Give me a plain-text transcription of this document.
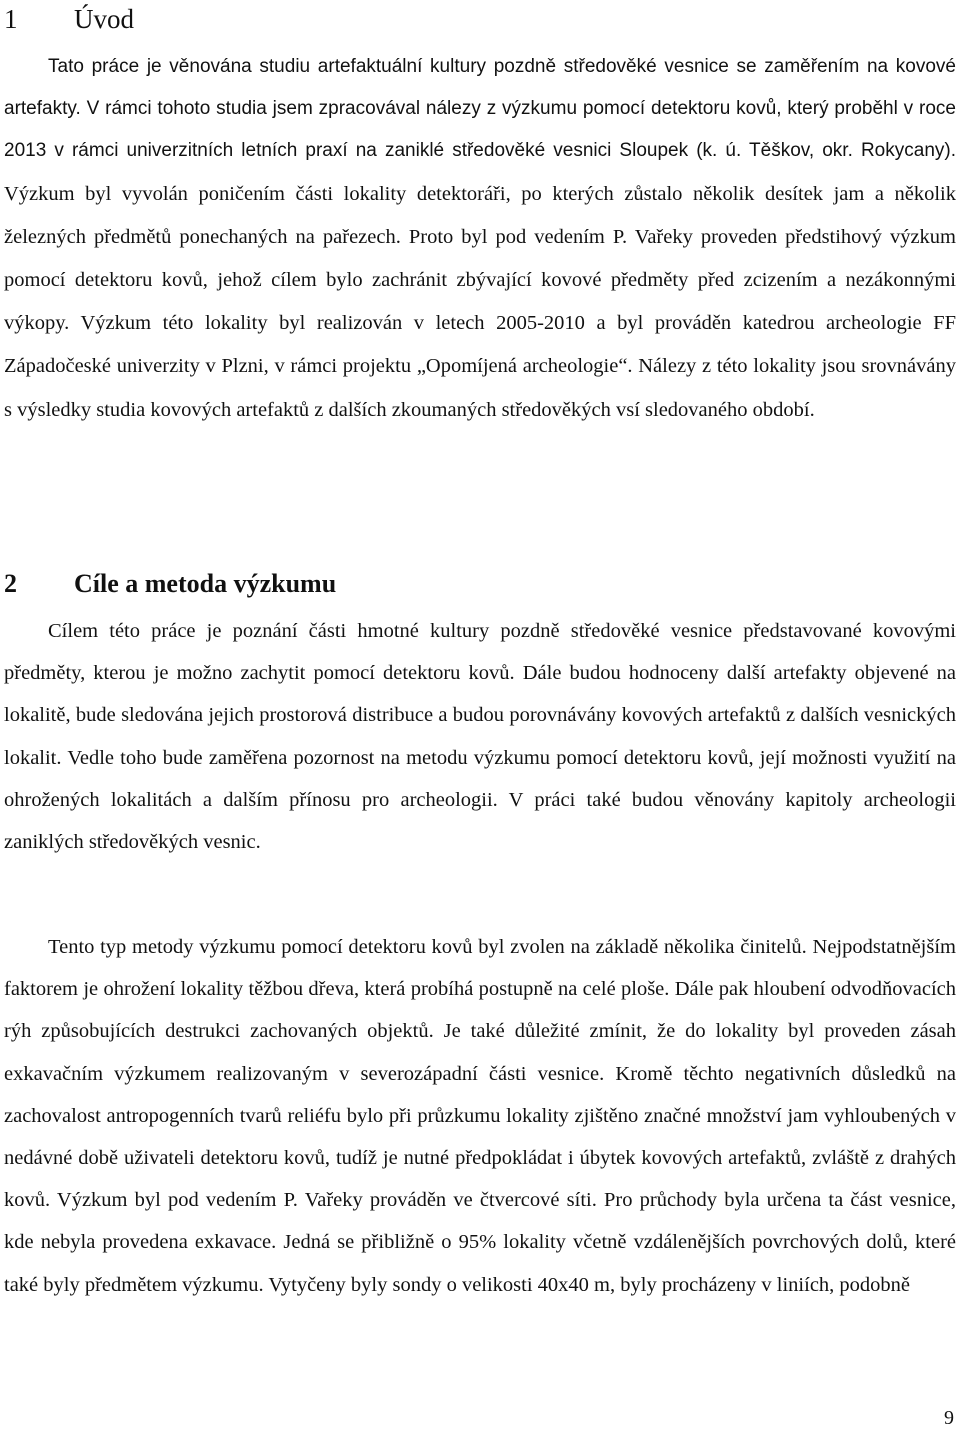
1 Úvod

Tato práce je věnována studiu artefaktuální kultury pozdně středověké vesnice se zaměřením na kovové artefakty. V rámci tohoto studia jsem zpracovával nálezy z výzkumu pomocí detektoru kovů, který proběhl v roce 2013 v rámci univerzitních letních praxí na zaniklé středověké vesnici Sloupek (k. ú. Těškov, okr. Rokycany). Výzkum byl vyvolán poničením části lokality detektoráři, po kterých zůstalo několik desítek jam a několik železných předmětů ponechaných na pařezech. Proto byl pod vedením P. Vařeky proveden předstihový výzkum pomocí detektoru kovů, jehož cílem bylo zachránit zbývající kovové předměty před zcizením a nezákonnými výkopy. Výzkum této lokality byl realizován v letech 2005-2010 a byl prováděn katedrou archeologie FF Západočeské univerzity v Plzni, v rámci projektu „Opomíjená archeologie“. Nálezy z této lokality jsou srovnávány s výsledky studia kovových artefaktů z dalších zkoumaných středověkých vsí sledovaného období.

2 Cíle a metoda výzkumu

Cílem této práce je poznání části hmotné kultury pozdně středověké vesnice představované kovovými předměty, kterou je možno zachytit pomocí detektoru kovů. Dále budou hodnoceny další artefakty objevené na lokalitě, bude sledována jejich prostorová distribuce a budou porovnávány kovových artefaktů z dalších vesnických lokalit. Vedle toho bude zaměřena pozornost na metodu výzkumu pomocí detektoru kovů, její možnosti využití na ohrožených lokalitách a dalším přínosu pro archeologii. V práci také budou věnovány kapitoly archeologii zaniklých středověkých vesnic.

Tento typ metody výzkumu pomocí detektoru kovů byl zvolen na základě několika činitelů. Nejpodstatnějším faktorem je ohrožení lokality těžbou dřeva, která probíhá postupně na celé ploše. Dále pak hloubení odvodňovacích rýh způsobujících destrukci zachovaných objektů. Je také důležité zmínit, že do lokality byl proveden zásah exkavačním výzkumem realizovaným v severozápadní části vesnice. Kromě těchto negativních důsledků na zachovalost antropogenních tvarů reliéfu bylo při průzkumu lokality zjištěno značné množství jam vyhloubených v nedávné době uživateli detektoru kovů, tudíž je nutné předpokládat i úbytek kovových artefaktů, zvláště z drahých kovů. Výzkum byl pod vedením P. Vařeky prováděn ve čtvercové síti. Pro průchody byla určena ta část vesnice, kde nebyla provedena exkavace. Jedná se přibližně o 95% lokality včetně vzdálenějších povrchových dolů, které také byly předmětem výzkumu. Vytyčeny byly sondy o velikosti 40x40 m, byly procházeny v liniích, podobně

9
